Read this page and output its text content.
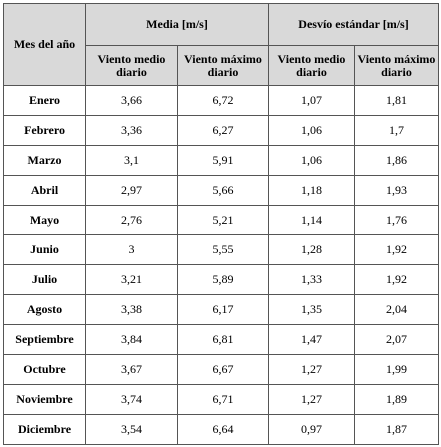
Mes del año	Media [m/s]		Desvío estándar [m/s]	
	Viento medio diario	Viento máximo diario	Viento medio diario	Viento máximo diario
Enero	3,66	6,72	1,07	1,81
Febrero	3,36	6,27	1,06	1,7
Marzo	3,1	5,91	1,06	1,86
Abril	2,97	5,66	1,18	1,93
Mayo	2,76	5,21	1,14	1,76
Junio	3	5,55	1,28	1,92
Julio	3,21	5,89	1,33	1,92
Agosto	3,38	6,17	1,35	2,04
Septiembre	3,84	6,81	1,47	2,07
Octubre	3,67	6,67	1,27	1,99
Noviembre	3,74	6,71	1,27	1,89
Diciembre	3,54	6,64	0,97	1,87
